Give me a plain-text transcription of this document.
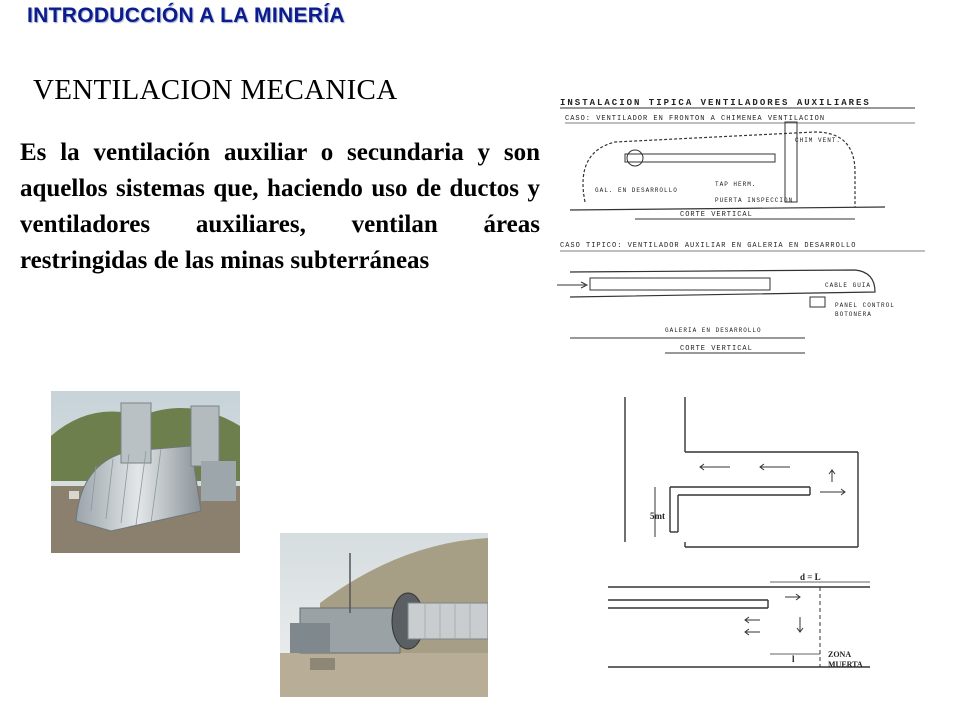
INTRODUCCIÓN A LA MINERÍA
VENTILACION MECANICA
Es la ventilación auxiliar o secundaria y son aquellos sistemas que, haciendo uso de ductos y ventiladores auxiliares, ventilan áreas restringidas de las minas subterráneas
INSTALACION TIPICA VENTILADORES AUXILIARES
CASO: VENTILADOR EN FRONTON A CHIMENEA VENTILACION
CHIM VENT.
TAP HERM.
PUERTA INSPECCION
GAL. EN DESARROLLO
CORTE VERTICAL
CASO TIPICO: VENTILADOR AUXILIAR EN GALERIA EN DESARROLLO
CABLE GUIA
PANEL CONTROL
BOTONERA
GALERIA EN DESARROLLO
CORTE VERTICAL
5mt
d = L
l	ZONA
MUERTA
